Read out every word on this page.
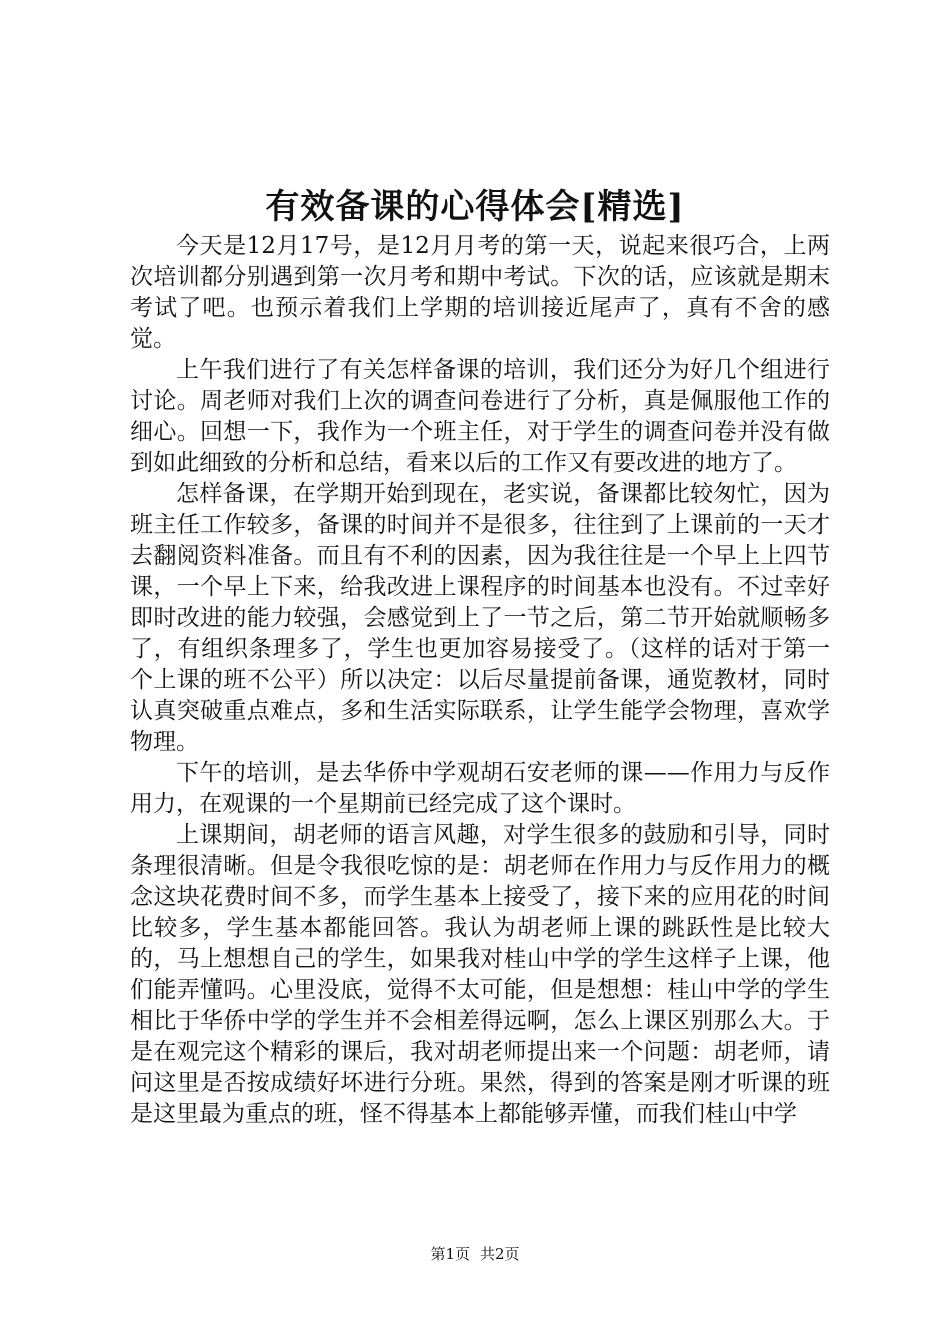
有效备课的心得体会[精选]

今天是12月17号，是12月月考的第一天，说起来很巧合，上两次培训都分别遇到第一次月考和期中考试。下次的话，应该就是期末考试了吧。也预示着我们上学期的培训接近尾声了，真有不舍的感觉。

上午我们进行了有关怎样备课的培训，我们还分为好几个组进行讨论。周老师对我们上次的调查问卷进行了分析，真是佩服他工作的细心。回想一下，我作为一个班主任，对于学生的调查问卷并没有做到如此细致的分析和总结，看来以后的工作又有要改进的地方了。

怎样备课，在学期开始到现在，老实说，备课都比较匆忙，因为班主任工作较多，备课的时间并不是很多，往往到了上课前的一天才去翻阅资料准备。而且有不利的因素，因为我往往是一个早上上四节课，一个早上下来，给我改进上课程序的时间基本也没有。不过幸好即时改进的能力较强，会感觉到上了一节之后，第二节开始就顺畅多了，有组织条理多了，学生也更加容易接受了。（这样的话对于第一个上课的班不公平）所以决定：以后尽量提前备课，通览教材，同时认真突破重点难点，多和生活实际联系，让学生能学会物理，喜欢学物理。

下午的培训，是去华侨中学观胡石安老师的课——作用力与反作用力，在观课的一个星期前已经完成了这个课时。

上课期间，胡老师的语言风趣，对学生很多的鼓励和引导，同时条理很清晰。但是令我很吃惊的是：胡老师在作用力与反作用力的概念这块花费时间不多，而学生基本上接受了，接下来的应用花的时间比较多，学生基本都能回答。我认为胡老师上课的跳跃性是比较大的，马上想想自己的学生，如果我对桂山中学的学生这样子上课，他们能弄懂吗。心里没底，觉得不太可能，但是想想：桂山中学的学生相比于华侨中学的学生并不会相差得远啊，怎么上课区别那么大。于是在观完这个精彩的课后，我对胡老师提出来一个问题：胡老师，请问这里是否按成绩好坏进行分班。果然，得到的答案是刚才听课的班是这里最为重点的班，怪不得基本上都能够弄懂，而我们桂山中学

第1页 共2页
